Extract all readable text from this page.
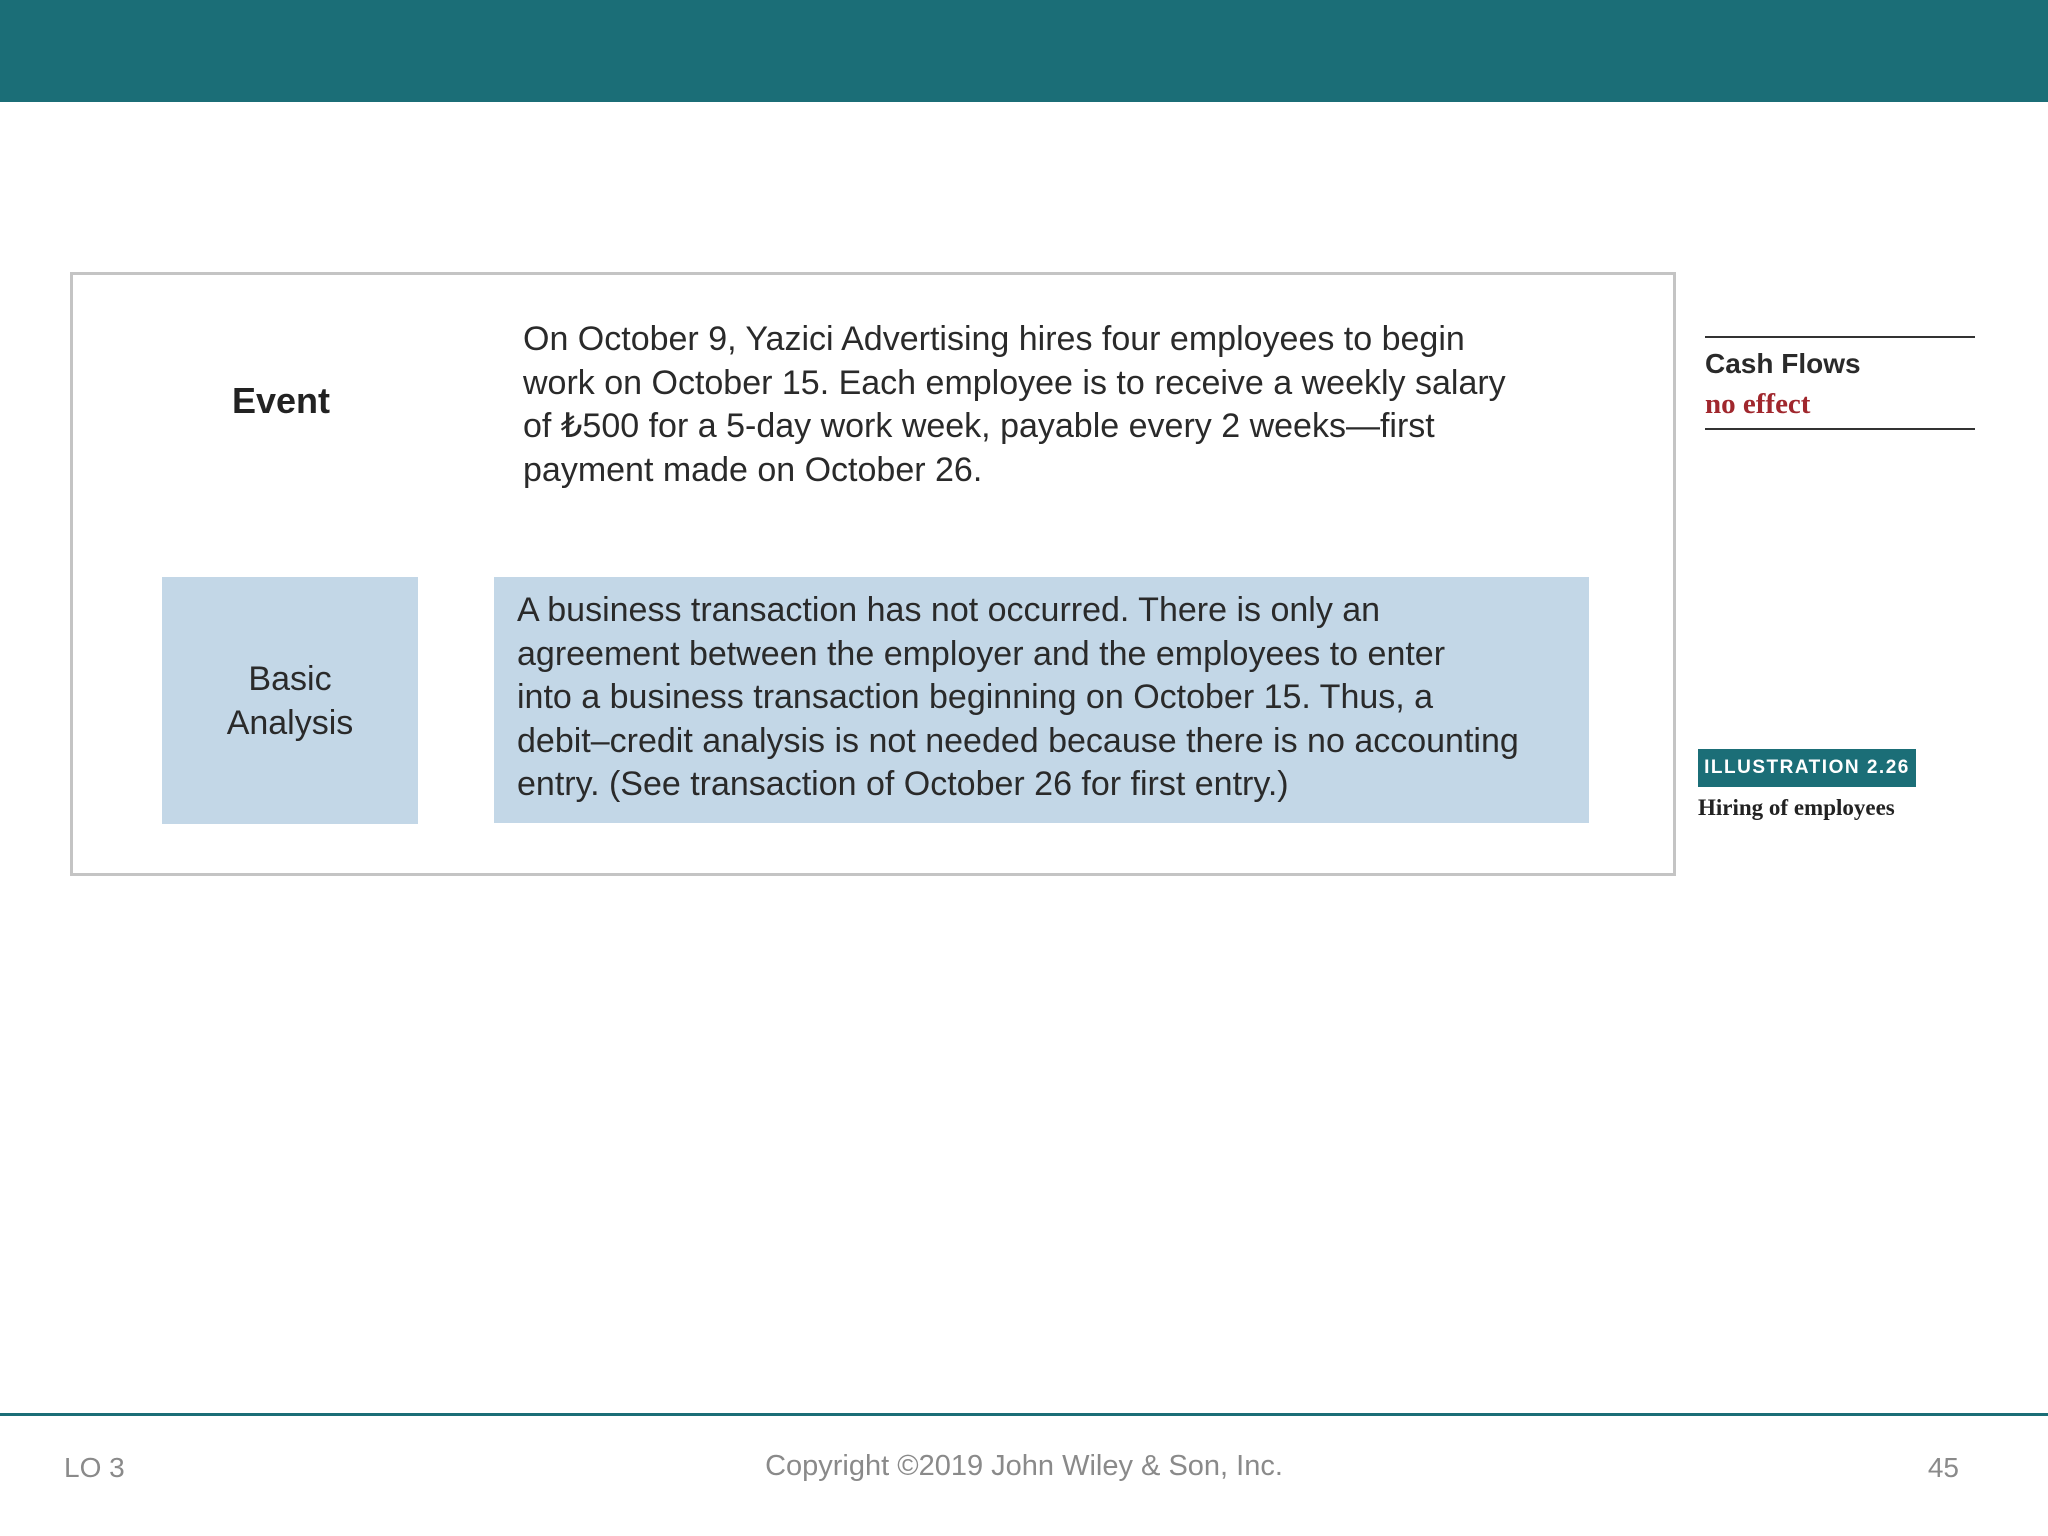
Event
On October 9, Yazici Advertising hires four employees to begin
work on October 15. Each employee is to receive a weekly salary
of ₺500 for a 5-day work week, payable every 2 weeks—first
payment made on October 26.
Basic
Analysis
A business transaction has not occurred. There is only an
agreement between the employer and the employees to enter
into a business transaction beginning on October 15. Thus, a
debit–credit analysis is not needed because there is no accounting
entry. (See transaction of October 26 for first entry.)
Cash Flows
no effect
ILLUSTRATION 2.26
Hiring of employees
LO 3	Copyright ©2019 John Wiley & Son, Inc.	45
